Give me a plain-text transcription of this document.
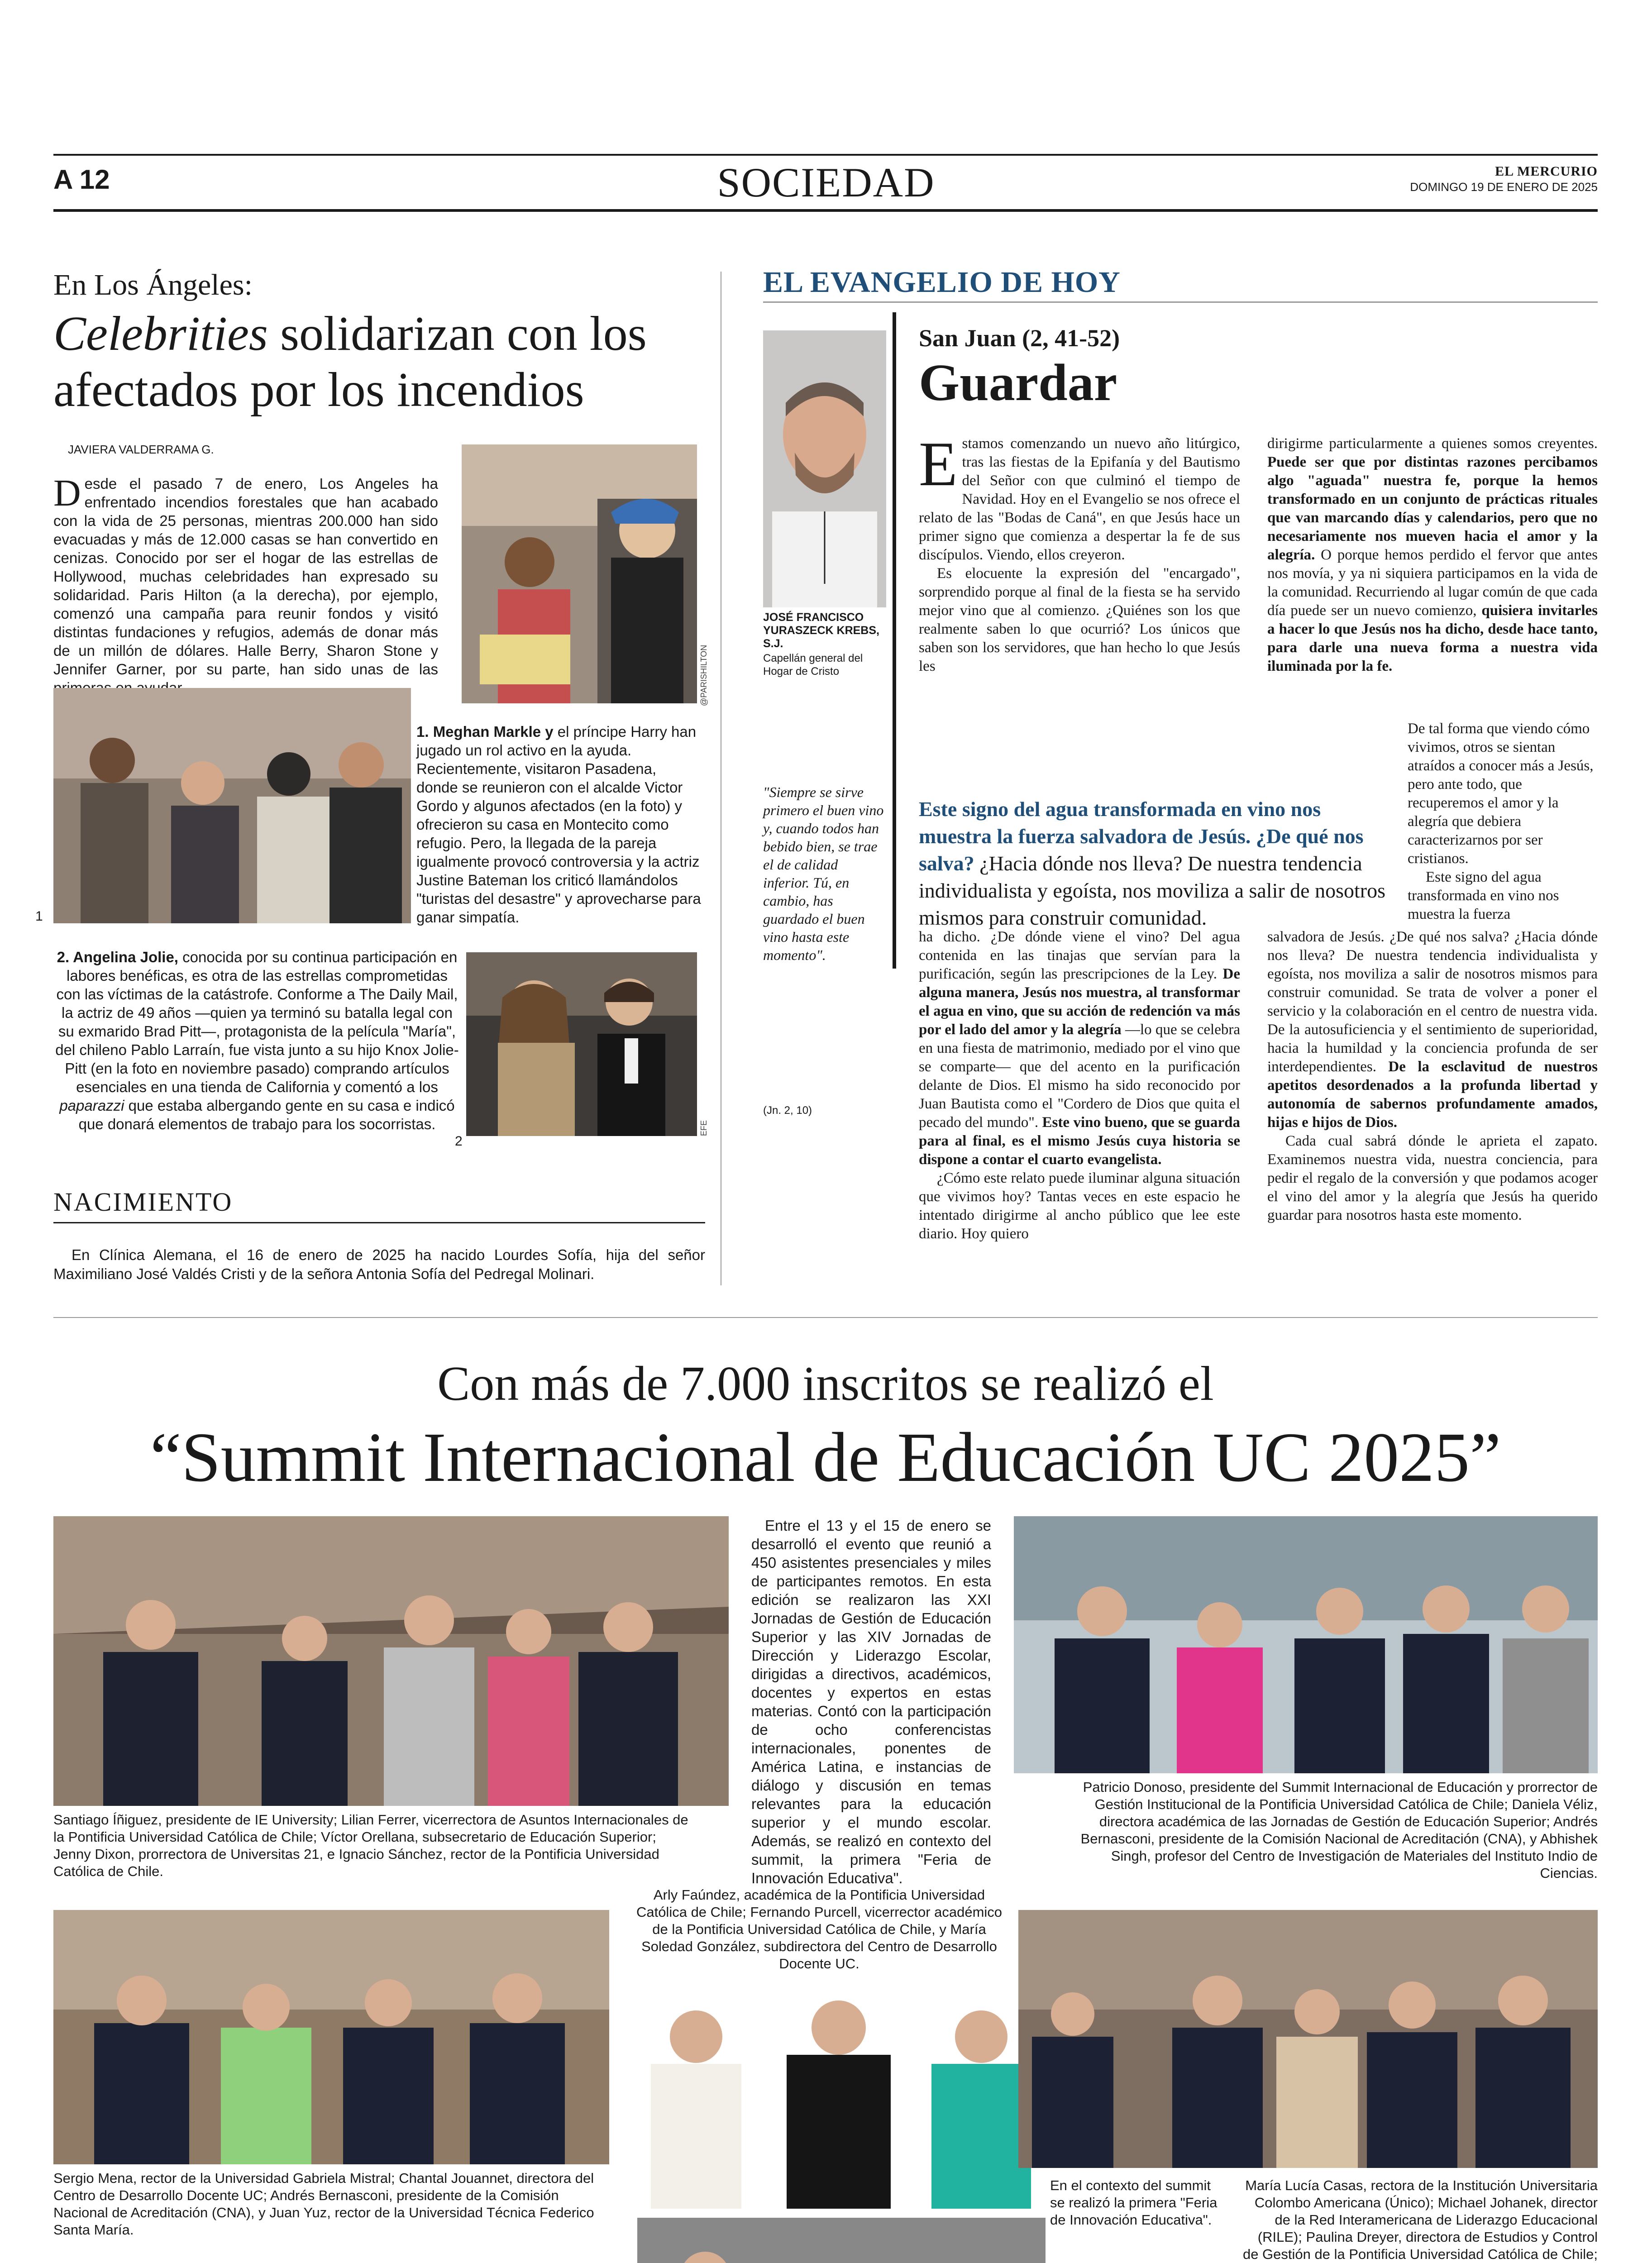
A 12	SOCIEDAD	EL MERCURIO
DOMINGO 19 DE ENERO DE 2025
En Los Ángeles:
Celebrities solidarizan con los afectados por los incendios
JAVIERA VALDERRAMA G.
Desde el pasado 7 de enero, Los Angeles ha enfrentado incendios forestales que han acabado con la vida de 25 personas, mientras 200.000 han sido evacuadas y más de 12.000 casas se han convertido en cenizas. Conocido por ser el hogar de las estrellas de Hollywood, muchas celebridades han expresado su solidaridad. Paris Hilton (a la derecha), por ejemplo, comenzó una campaña para reunir fondos y visitó distintas fundaciones y refugios, además de donar más de un millón de dólares. Halle Berry, Sharon Stone y Jennifer Garner, por su parte, han sido unas de las	@PARISHILTON
1
1. Meghan Markle y el príncipe Harry han jugado un rol activo en la ayuda. Recientemente, visitaron Pasadena, donde se reunieron con el alcalde Victor Gordo y algunos afectados (en la foto) y ofrecieron su casa en Montecito como refugio. Pero, la llegada de la pareja igualmente provocó controversia y la actriz Justine Bateman los criticó llamándolos "turistas del desastre" y aprovecharse para ganar simpatía.
2. Angelina Jolie, conocida por su continua participación en labores benéficas, es otra de las estrellas comprometidas con las víctimas de la catástrofe. Conforme a The Daily Mail, la actriz de 49 años —quien ya terminó su batalla legal con su exmarido Brad Pitt—, protagonista de la película "María", del chileno Pablo Larraín, fue vista junto a su hijo Knox Jolie-Pitt (en la foto en noviembre pasado) comprando artículos esenciales en una tienda de California y comentó a los paparazzi que estaba albergando gente en su casa e indicó que donará elementos de trabajo para los socorristas.
2
EFE
NACIMIENTO
En Clínica Alemana, el 16 de enero de 2025 ha nacido Lourdes Sofía, hija del señor Maximiliano José Valdés Cristi y de la señora Antonia Sofía del Pedregal Molinari.
EL EVANGELIO DE HOY
JOSÉ FRANCISCO YURASZECK KREBS, S.J.
Capellán general del Hogar de Cristo
"Siempre se sirve primero el buen vino y, cuando todos han bebido bien, se trae el de calidad inferior. Tú, en cambio, has guardado el buen vino hasta este momento".
(Jn. 2, 10)
San Juan (2, 41-52)
Guardar
Estamos comenzando un nuevo año litúrgico, tras las fiestas de la Epifanía y del Bautismo del Señor con que culminó el tiempo de Navidad. Hoy en el Evangelio se nos ofrece el relato de las "Bodas de Caná", en que Jesús hace un primer signo que comienza a despertar la fe de sus discípulos. Viendo, ellos creyeron.

Es elocuente la expresión del "encargado", sorprendido porque al final de la fiesta se ha servido mejor vino que al comienzo. ¿Quiénes son los que realmente saben lo que ocurrió? Los únicos que saben son los servidores, que han hecho lo que Jesús les

dirigirme particularmente a quienes somos creyentes. Puede ser que por distintas razones percibamos algo "aguada" nuestra fe, porque la hemos transformado en un conjunto de prácticas rituales que van marcando días y calendarios, pero que no necesariamente nos mueven hacia el amor y la alegría. O porque hemos perdido el fervor que antes nos movía, y ya ni siquiera participamos en la vida de la comunidad. Recurriendo al lugar común de que cada día puede ser un nuevo comienzo, quisiera invitarles a hacer lo que Jesús nos ha dicho, desde hace tanto, para darle una nueva forma a nuestra vida iluminada por la fe.
Este signo del agua transformada en vino nos muestra la fuerza salvadora de Jesús. ¿De qué nos salva? ¿Hacia dónde nos lleva? De nuestra tendencia individualista y egoísta, nos moviliza a salir de nosotros mismos para construir comunidad.
De tal forma que viendo cómo vivimos, otros se sientan atraídos a conocer más a Jesús, pero ante todo, que recuperemos el amor y la alegría que debiera caracterizarnos por ser cristianos.

Este signo del agua transformada en vino nos muestra la fuerza

ha dicho. ¿De dónde viene el vino? Del agua contenida en las tinajas que servían para la purificación, según las prescripciones de la Ley. De alguna manera, Jesús nos muestra, al transformar el agua en vino, que su acción de redención va más por el lado del amor y la alegría —lo que se celebra en una fiesta de matrimonio, mediado por el vino que se comparte— que del acento en la purificación delante de Dios. El mismo ha sido reconocido por Juan Bautista como el "Cordero de Dios que quita el pecado del mundo". Este vino bueno, que se guarda para al final, es el mismo Jesús cuya historia se dispone a contar el cuarto evangelista.

¿Cómo este relato puede iluminar alguna situación que vivimos hoy? Tantas veces en este espacio he intentado dirigirme al ancho público que lee este diario. Hoy quiero

salvadora de Jesús. ¿De qué nos salva? ¿Hacia dónde nos lleva? De nuestra tendencia individualista y egoísta, nos moviliza a salir de nosotros mismos para construir comunidad. Se trata de volver a poner el servicio y la colaboración en el centro de nuestra vida. De la autosuficiencia y el sentimiento de superioridad, hacia la humildad y la conciencia profunda de ser interdependientes. De la esclavitud de nuestros apetitos desordenados a la profunda libertad y autonomía de sabernos profundamente amados, hijas e hijos de Dios.

Cada cual sabrá dónde le aprieta el zapato. Examinemos nuestra vida, nuestra conciencia, para pedir el regalo de la conversión y que podamos acoger el vino del amor y la alegría que Jesús ha querido guardar para nosotros hasta este momento.

Con más de 7.000 inscritos se realizó el
“Summit Internacional de Educación UC 2025”
Santiago Íñiguez, presidente de IE University; Lilian Ferrer, vicerrectora de Asuntos Internacionales de la Pontificia Universidad Católica de Chile; Víctor Orellana, subsecretario de Educación Superior; Jenny Dixon, prorrectora de Universitas 21, e Ignacio Sánchez, rector de la Pontificia Universidad Católica de Chile.
Entre el 13 y el 15 de enero se desarrolló el evento que reunió a 450 asistentes presenciales y miles de participantes remotos. En esta edición se realizaron las XXI Jornadas de Gestión de Educación Superior y las XIV Jornadas de Dirección y Liderazgo Escolar, dirigidas a directivos, académicos, docentes y expertos en estas materias. Contó con la participación de ocho conferencistas internacionales, ponentes de América Latina, e instancias de diálogo y discusión en temas relevantes para la educación superior y el mundo escolar. Además, se realizó en contexto del summit, la primera "Feria de Innovación Educativa".
Patricio Donoso, presidente del Summit Internacional de Educación y prorrector de Gestión Institucional de la Pontificia Universidad Católica de Chile; Daniela Véliz, directora académica de las Jornadas de Gestión de Educación Superior; Andrés Bernasconi, presidente de la Comisión Nacional de Acreditación (CNA), y Abhishek Singh, profesor del Centro de Investigación de Materiales del Instituto Indio de Ciencias.
Arly Faúndez, académica de la Pontificia Universidad Católica de Chile; Fernando Purcell, vicerrector académico de la Pontificia Universidad Católica de Chile, y María Soledad González, subdirectora del Centro de Desarrollo Docente UC.
Sergio Mena, rector de la Universidad Gabriela Mistral; Chantal Jouannet, directora del Centro de Desarrollo Docente UC; Andrés Bernasconi, presidente de la Comisión Nacional de Acreditación (CNA), y Juan Yuz, rector de la Universidad Técnica Federico Santa María.
En el contexto del summit se realizó la primera "Feria de Innovación Educativa".
María Lucía Casas, rectora de la Institución Universitaria Colombo Americana (Único); Michael Johanek, director de la Red Interamericana de Liderazgo Educacional (RILE); Paulina Dreyer, directora de Estudios y Control de Gestión de la Pontificia Universidad Católica de Chile;
